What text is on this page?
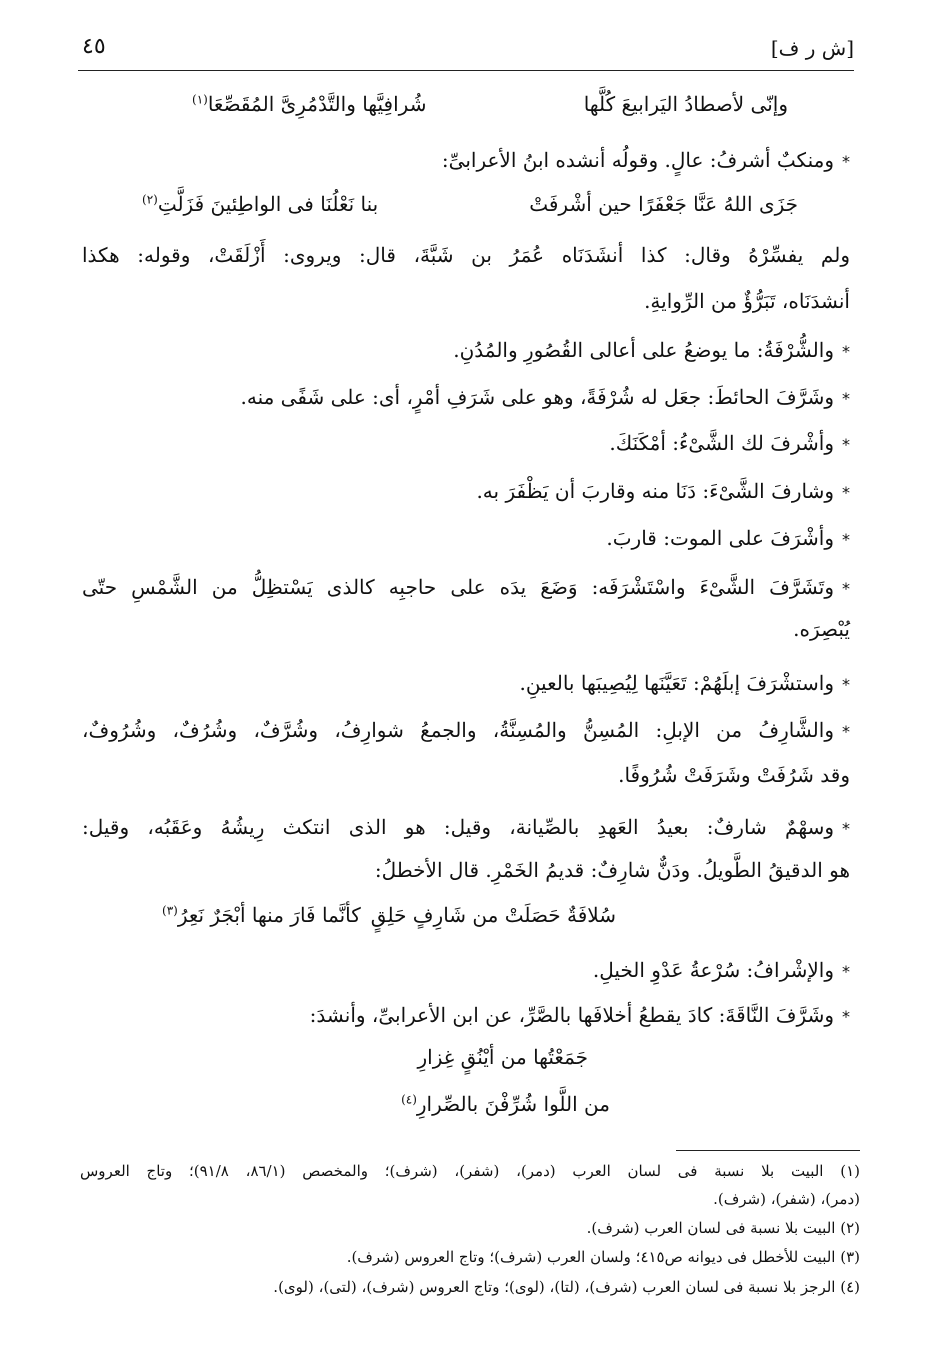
[ش ر ف]
٤٥
وإنّى لأصطادُ اليَرابيعَ كُلَّها
شُرافِيَّها والتَّدْمُرِىَّ المُقَصِّعَا$^{(١)}$
*ومنكبٌ أشرفُ: عالٍ. وقولُه أنشده ابنُ الأعرابىِّ:
جَزَى اللهُ عَنَّا جَعْفَرًا حين أشْرفَتْ
بنا نَعْلُنَا فى الواطِئينَ فَزَلَّتِ$^{(٢)}$
ولم يفسِّرْهُ وقال: كذا أنشَدَنَاه عُمَرُ بن شَبَّةَ، قال: ويروى: أَزْلَقَتْ، وقوله: هكذا
أنشدَنَاه، تَبَرُّؤٌ من الرِّوايةِ.
*والشُّرْفَةُ: ما يوضعُ على أعالى القُصُورِ والمُدُنِ.
*وشَرَّفَ الحائطَ: جعَل له شُرْفَةً، وهو على شَرَفِ أمْرٍ، أى: على شَفًى منه.
*وأشْرفَ لك الشَّىْءُ: أمْكَنَكَ.
*وشارفَ الشَّىْءَ: دَنَا منه وقاربَ أن يَظْفَرَ به.
*وأشْرَفَ على الموت: قاربَ.
*وتَشَرَّفَ الشَّىْءَ واسْتَشْرَفَه: وَضَعَ يدَه على حاجبِه كالذى يَسْتظِلُّ من الشَّمْسِ حتّى
يُبْصِرَه.
*واستشْرَفَ إبلَهُمْ: تَعَيَّنَها لِيُصِيبَها بالعينِ.
*والشَّارِفُ من الإبلِ: المُسِنُّ والمُسِنَّةُ، والجمعُ شوارِفُ، وشُرَّفٌ، وشُرُفٌ، وشُرُوفٌ،
وقد شَرُفَتْ وشَرَفَتْ شُرُوفًا.
*وسهْمٌ شارفٌ: بعيدُ العَهدِ بالصِّيانة، وقيل: هو الذى انتكث رِيشُهُ وعَقَبُه، وقيل:
هو الدقيقُ الطَّويلُ. ودَنٌّ شارِفٌ: قديمُ الخَمْرِ. قال الأخطلُ:
سُلافَةٌ حَصَلَتْ من شَارِفٍ حَلِقٍ
كأنَّما فَارَ منها أبْجَرٌ نَعِرُ$^{(٣)}$
*والإشْرافُ: سُرْعةُ عَدْوِ الخيلِ.
*وشَرَّفَ النَّاقَةَ: كادَ يقطعُ أخلافَها بالصَّرِّ، عن ابن الأعرابىِّ، وأنشدَ:
جَمَعْتُها من أيْنُقٍ غِزارِ
من اللَّوا شُرِّفْنَ بالصِّرارِ$^{(٤)}$
(١) البيت بلا نسبة فى لسان العرب (دمر)، (شفر)، (شرف)؛ والمخصص (٨٦/١، ٩١/٨)؛ وتاج العروس
(دمر)، (شفر)، (شرف).
(٢) البيت بلا نسبة فى لسان العرب (شرف).
(٣) البيت للأخطل فى ديوانه ص٤١٥؛ ولسان العرب (شرف)؛ وتاج العروس (شرف).
(٤) الرجز بلا نسبة فى لسان العرب (شرف)، (لتا)، (لوى)؛ وتاج العروس (شرف)، (لتى)، (لوى).
